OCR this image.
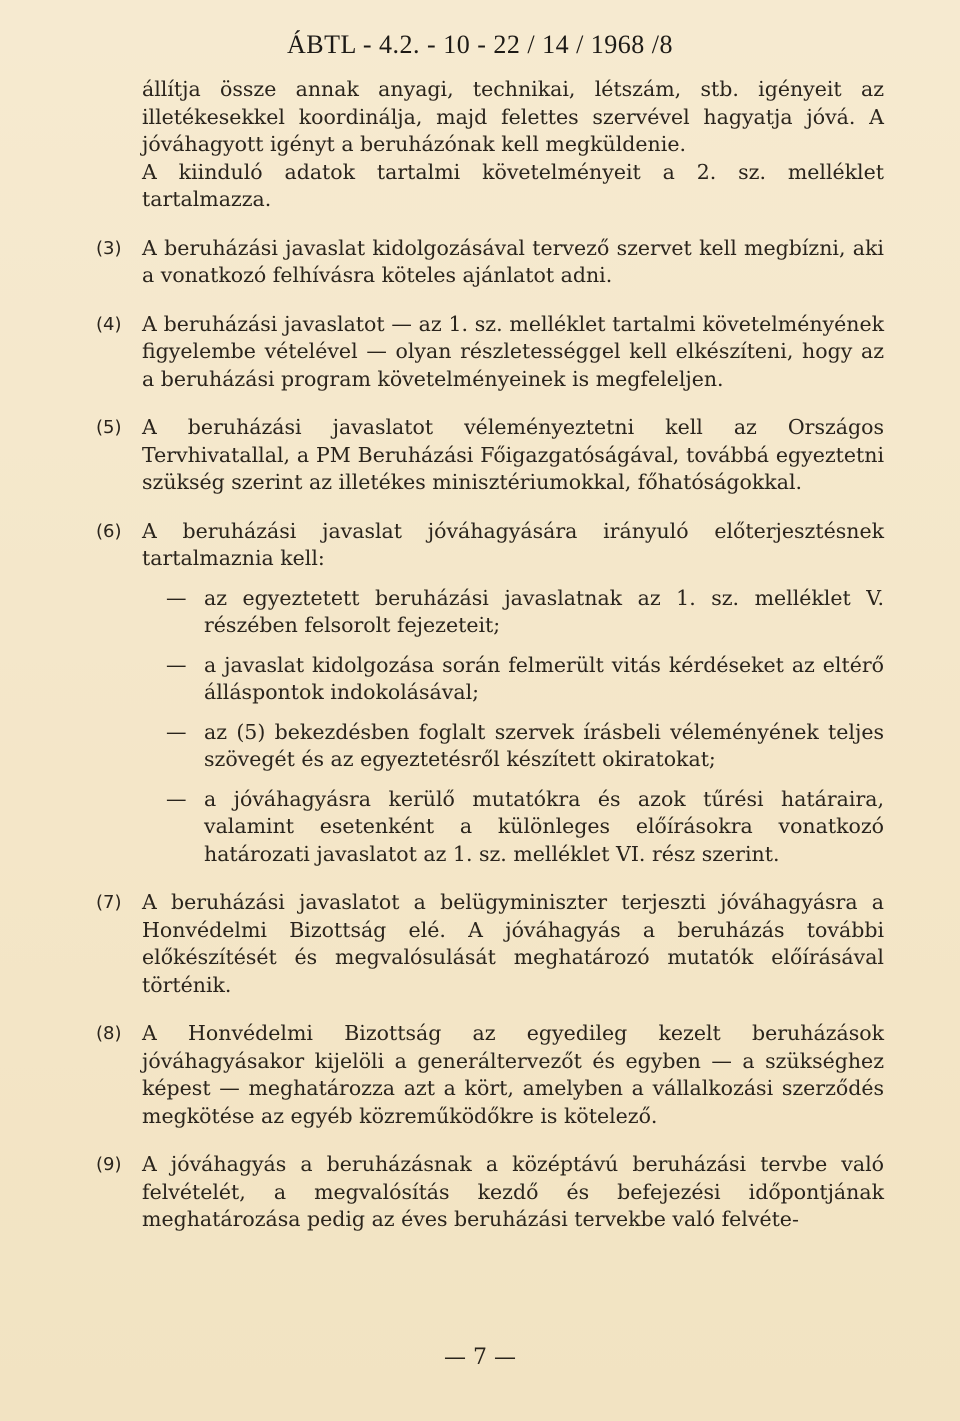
ÁBTL - 4.2. - 10 - 22 / 14 / 1968 /8
állítja össze annak anyagi, technikai, létszám, stb. igényeit az illetékesekkel koordinálja, majd felettes szervével hagyatja jóvá. A jóváhagyott igényt a beruházónak kell megküldenie.
A kiinduló adatok tartalmi követelményeit a 2. sz. melléklet tartalmazza.
(3) A beruházási javaslat kidolgozásával tervező szervet kell megbízni, aki a vonatkozó felhívásra köteles ajánlatot adni.
(4) A beruházási javaslatot — az 1. sz. melléklet tartalmi követelményének figyelembe vételével — olyan részletességgel kell elkészíteni, hogy az a beruházási program követelményeinek is megfeleljen.
(5) A beruházási javaslatot véleményeztetni kell az Országos Tervhivatallal, a PM Beruházási Főigazgatóságával, továbbá egyeztetni szükség szerint az illetékes minisztériumokkal, főhatóságokkal.
(6) A beruházási javaslat jóváhagyására irányuló előterjesztésnek tartalmaznia kell:
— az egyeztetett beruházási javaslatnak az 1. sz. melléklet V. részében felsorolt fejezeteit;
— a javaslat kidolgozása során felmerült vitás kérdéseket az eltérő álláspontok indokolásával;
— az (5) bekezdésben foglalt szervek írásbeli véleményének teljes szövegét és az egyeztetésről készített okiratokat;
— a jóváhagyásra kerülő mutatókra és azok tűrési határaira, valamint esetenként a különleges előírásokra vonatkozó határozati javaslatot az 1. sz. melléklet VI. rész szerint.
(7) A beruházási javaslatot a belügyminiszter terjeszti jóváhagyásra a Honvédelmi Bizottság elé. A jóváhagyás a beruházás további előkészítését és megvalósulását meghatározó mutatók előírásával történik.
(8) A Honvédelmi Bizottság az egyedileg kezelt beruházások jóváhagyásakor kijelöli a generáltervezőt és egyben — a szükséghez képest — meghatározza azt a kört, amelyben a vállalkozási szerződés megkötése az egyéb közreműködőkre is kötelező.
(9) A jóváhagyás a beruházásnak a középtávú beruházási tervbe való felvételét, a megvalósítás kezdő és befejezési időpontjának meghatározása pedig az éves beruházási tervekbe való felvéte-
— 7 —
